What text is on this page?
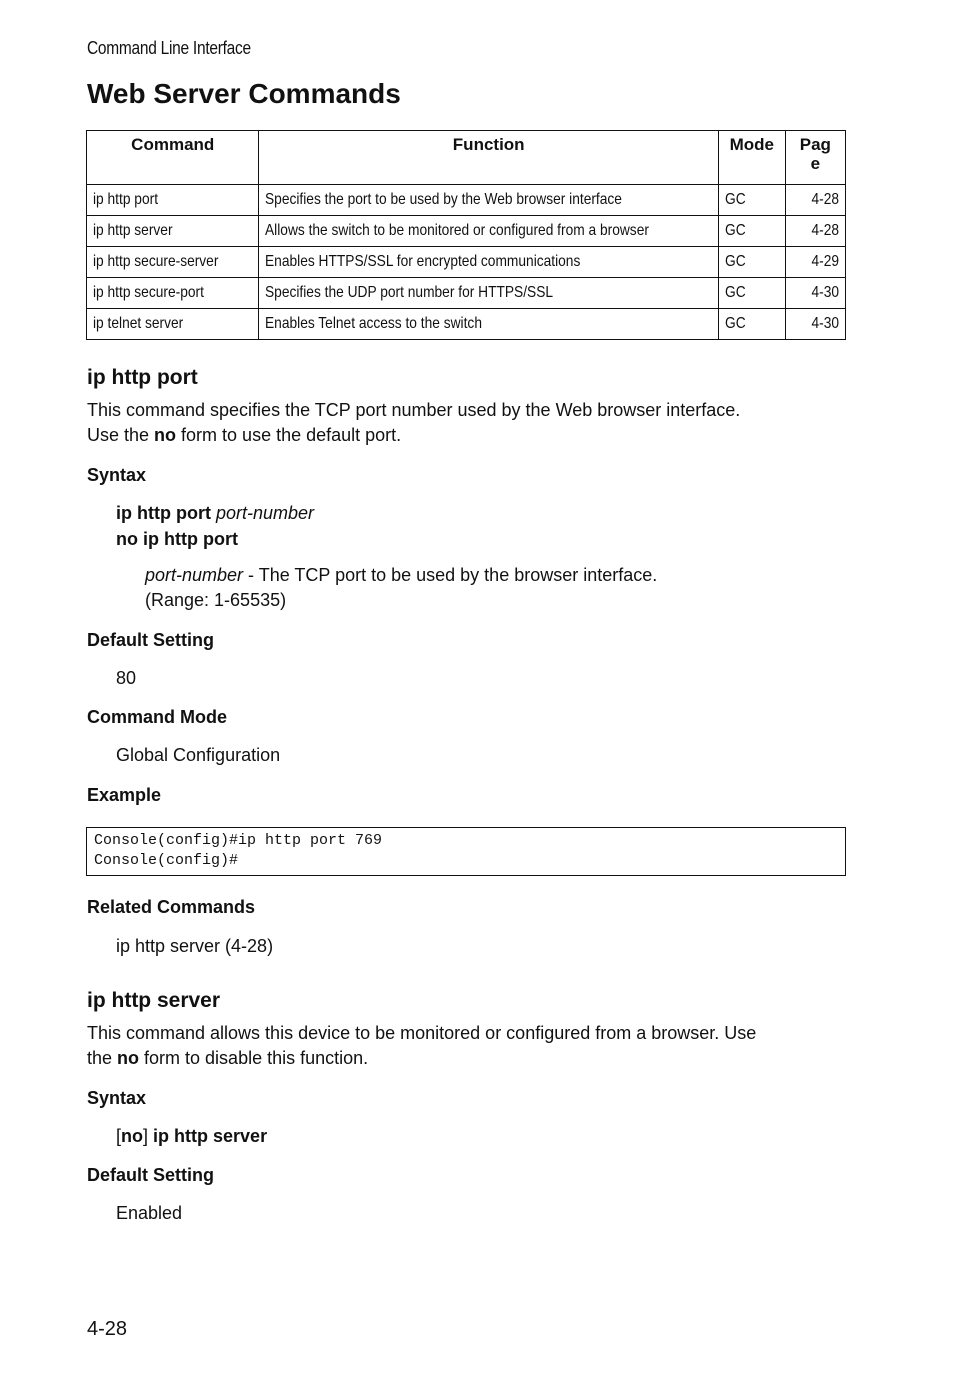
Command Line Interface
Web Server Commands
Command	Function	Mode	Pag
e
ip http port	Specifies the port to be used by the Web browser interface	GC	4-28
ip http server	Allows the switch to be monitored or configured from a browser	GC	4-28
ip http secure-server	Enables HTTPS/SSL for encrypted communications	GC	4-29
ip http secure-port	Specifies the UDP port number for HTTPS/SSL	GC	4-30
ip telnet server	Enables Telnet access to the switch	GC	4-30
ip http port

This command specifies the TCP port number used by the Web browser interface.
Use the no form to use the default port.

Syntax

ip http port port-number
no ip http port

port-number - The TCP port to be used by the browser interface.
(Range: 1-65535)

Default Setting

80

Command Mode

Global Configuration

Example
Console(config)#ip http port 769
Console(config)#
Related Commands

ip http server (4-28)

ip http server

This command allows this device to be monitored or configured from a browser. Use
the no form to disable this function.

Syntax

[no] ip http server

Default Setting

Enabled

4-28
